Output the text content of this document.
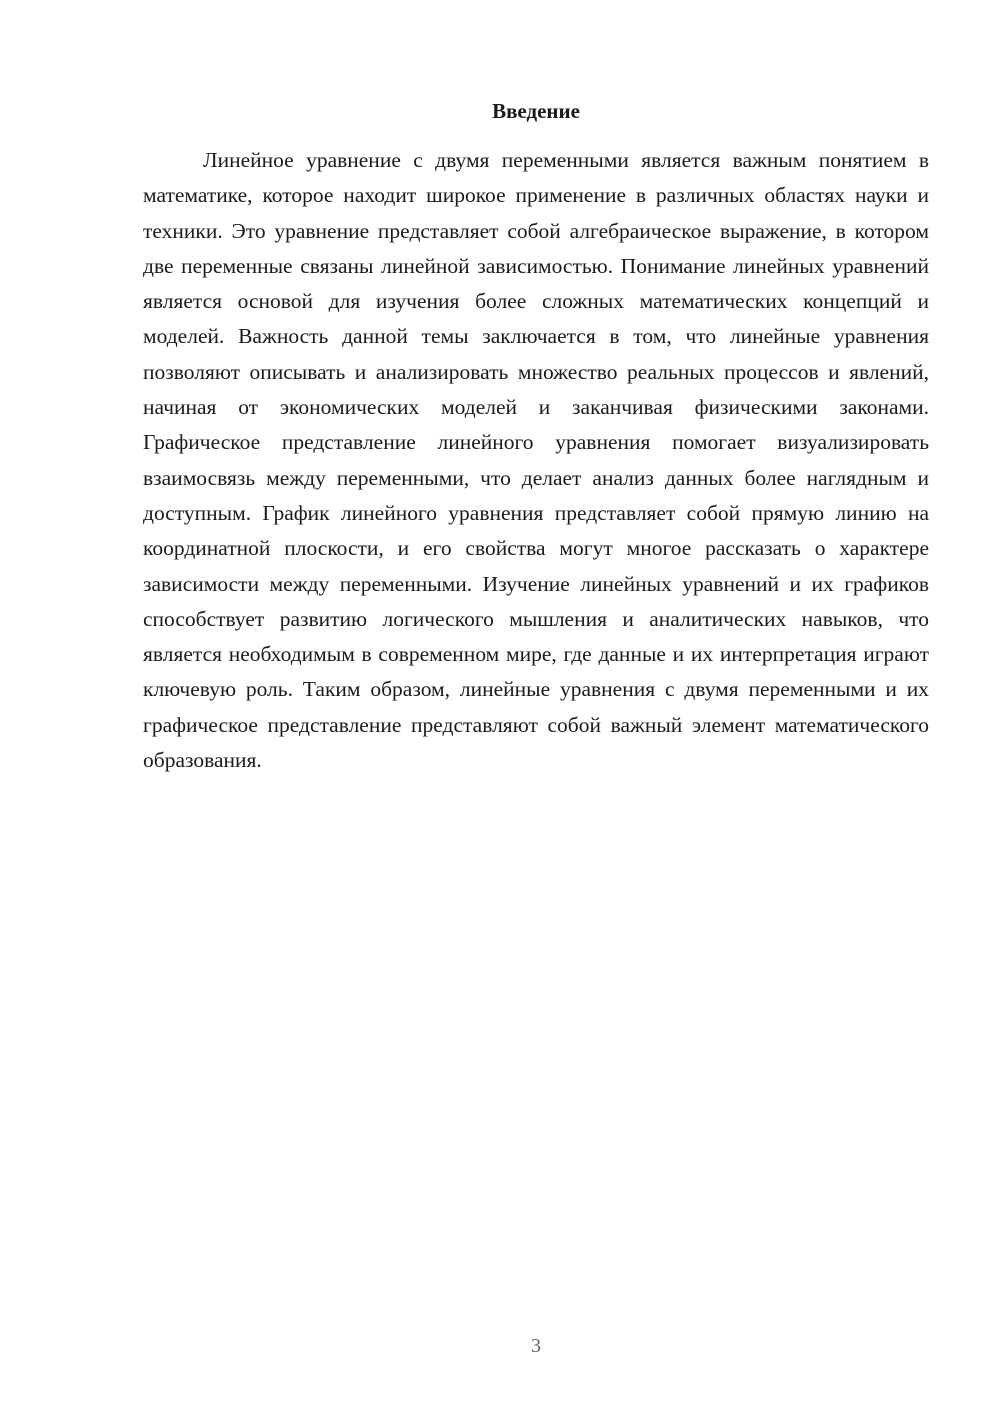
Введение

Линейное уравнение с двумя переменными является важным понятием в математике, которое находит широкое применение в различных областях науки и техники. Это уравнение представляет собой алгебраическое выражение, в котором две переменные связаны линейной зависимостью. Понимание линейных уравнений является основой для изучения более сложных математических концепций и моделей. Важность данной темы заключается в том, что линейные уравнения позволяют описывать и анализировать множество реальных процессов и явлений, начиная от экономических моделей и заканчивая физическими законами. Графическое представление линейного уравнения помогает визуализировать взаимосвязь между переменными, что делает анализ данных более наглядным и доступным. График линейного уравнения представляет собой прямую линию на координатной плоскости, и его свойства могут многое рассказать о характере зависимости между переменными. Изучение линейных уравнений и их графиков способствует развитию логического мышления и аналитических навыков, что является необходимым в современном мире, где данные и их интерпретация играют ключевую роль. Таким образом, линейные уравнения с двумя переменными и их графическое представление представляют собой важный элемент математического образования.

3
